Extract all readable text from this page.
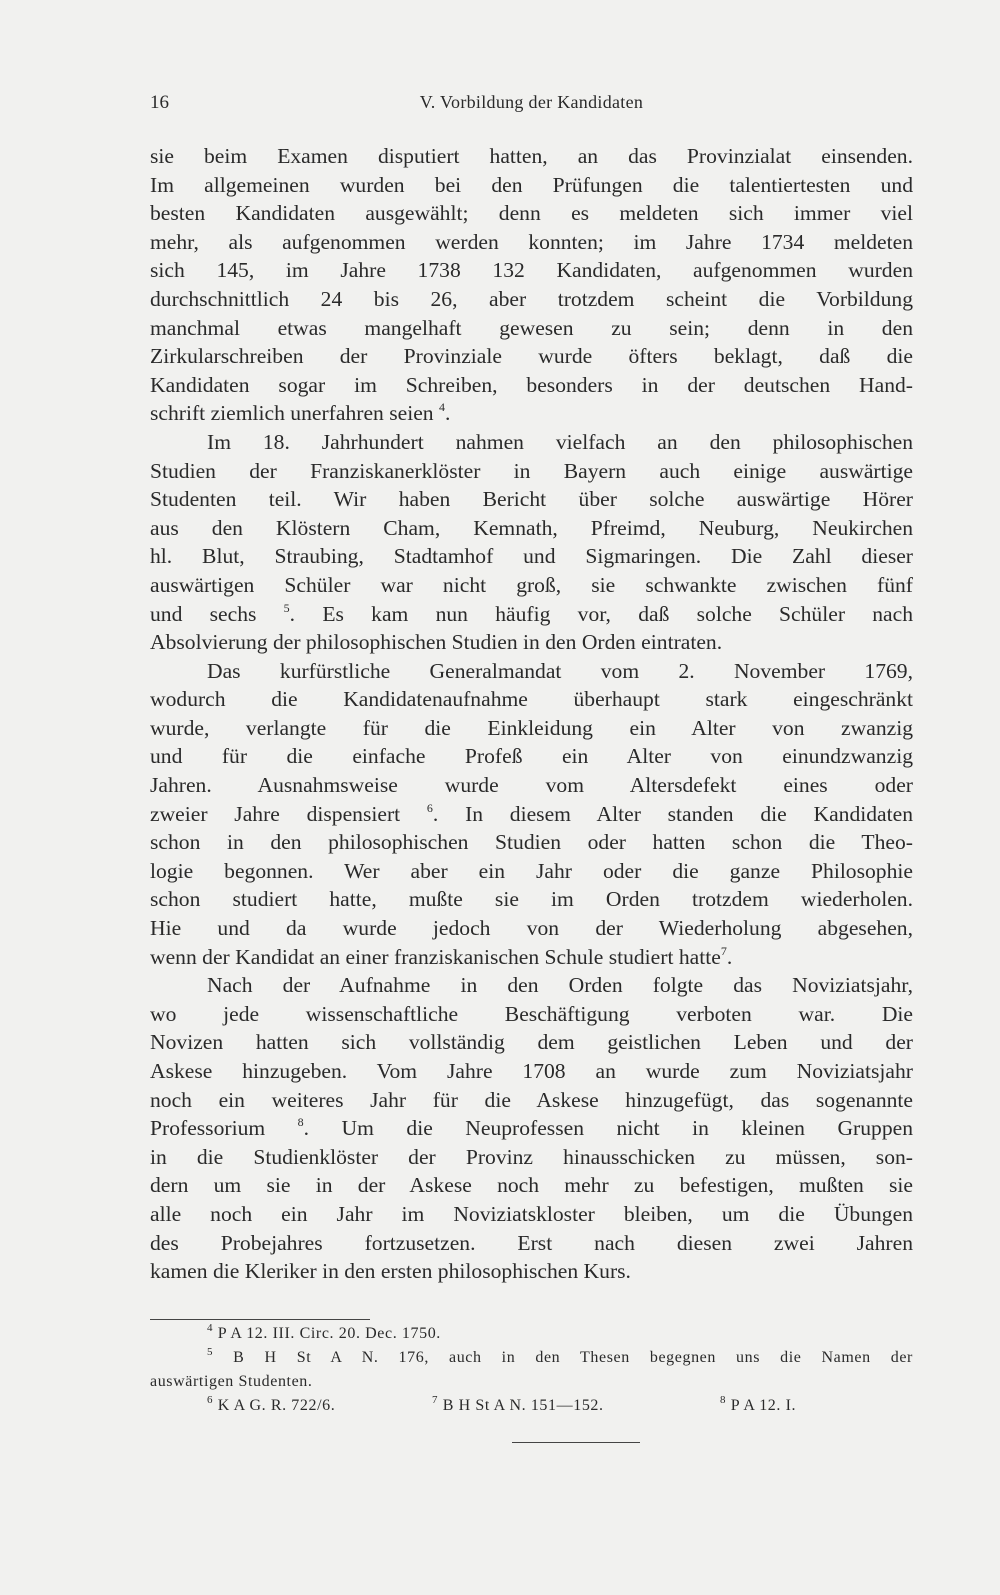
16	V. Vorbildung der Kandidaten
sie beim Examen disputiert hatten, an das Provinzialat einsenden.
Im allgemeinen wurden bei den Prüfungen die talentiertesten und
besten Kandidaten ausgewählt; denn es meldeten sich immer viel
mehr, als aufgenommen werden konnten; im Jahre 1734 meldeten
sich 145, im Jahre 1738 132 Kandidaten, aufgenommen wurden
durchschnittlich 24 bis 26, aber trotzdem scheint die Vorbildung
manchmal etwas mangelhaft gewesen zu sein; denn in den
Zirkularschreiben der Provinziale wurde öfters beklagt, daß die
Kandidaten sogar im Schreiben, besonders in der deutschen Hand-
schrift ziemlich unerfahren seien $^4$.
Im 18. Jahrhundert nahmen vielfach an den philosophischen
Studien der Franziskanerklöster in Bayern auch einige auswärtige
Studenten teil. Wir haben Bericht über solche auswärtige Hörer
aus den Klöstern Cham, Kemnath, Pfreimd, Neuburg, Neukirchen
hl. Blut, Straubing, Stadtamhof und Sigmaringen. Die Zahl dieser
auswärtigen Schüler war nicht groß, sie schwankte zwischen fünf
und sechs $^5$. Es kam nun häufig vor, daß solche Schüler nach
Absolvierung der philosophischen Studien in den Orden eintraten.
Das kurfürstliche Generalmandat vom 2. November 1769,
wodurch die Kandidatenaufnahme überhaupt stark eingeschränkt
wurde, verlangte für die Einkleidung ein Alter von zwanzig
und für die einfache Profeß ein Alter von einundzwanzig
Jahren. Ausnahmsweise wurde vom Altersdefekt eines oder
zweier Jahre dispensiert $^6$. In diesem Alter standen die Kandidaten
schon in den philosophischen Studien oder hatten schon die Theo-
logie begonnen. Wer aber ein Jahr oder die ganze Philosophie
schon studiert hatte, mußte sie im Orden trotzdem wiederholen.
Hie und da wurde jedoch von der Wiederholung abgesehen,
wenn der Kandidat an einer franziskanischen Schule studiert hatte$^7$.
Nach der Aufnahme in den Orden folgte das Noviziatsjahr,
wo jede wissenschaftliche Beschäftigung verboten war. Die
Novizen hatten sich vollständig dem geistlichen Leben und der
Askese hinzugeben. Vom Jahre 1708 an wurde zum Noviziatsjahr
noch ein weiteres Jahr für die Askese hinzugefügt, das sogenannte
Professorium	$^8$. Um die Neuprofessen nicht in kleinen Gruppen
in die Studienklöster der Provinz hinausschicken zu müssen, son-
dern um sie in der Askese noch mehr zu befestigen, mußten sie
alle noch ein Jahr im Noviziatskloster bleiben, um die Übungen
des Probejahres fortzusetzen. Erst nach diesen zwei Jahren
kamen die Kleriker in den ersten philosophischen Kurs.
$^4$ P A 12. III. Circ. 20. Dec. 1750.
$^5$ B H St A N. 176, auch in den Thesen begegnen uns die Namen der
auswärtigen Studenten.
$^6$ K A G. R. 722/6.	$^7$ B H St A N. 151—152.	$^8$ P A 12. I.
